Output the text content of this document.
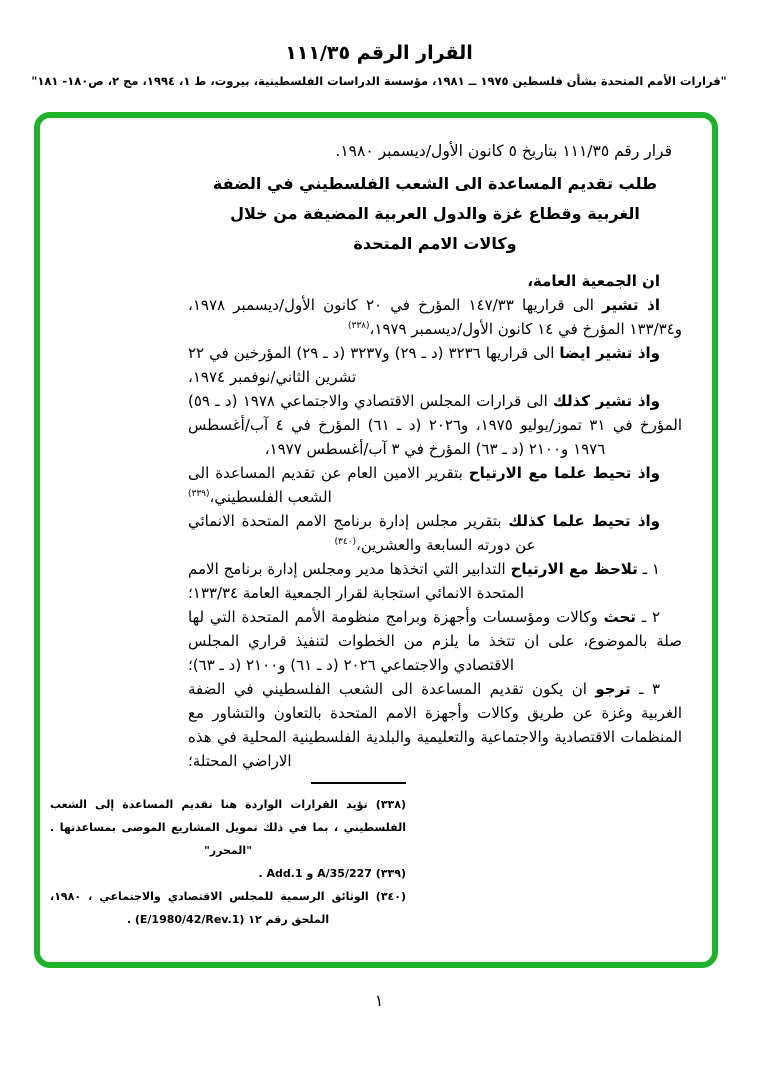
القرار الرقم ١١١/٣٥
"قرارات الأمم المتحدة بشأن فلسطين ١٩٧٥ ــ ١٩٨١، مؤسسة الدراسات الفلسطينية، بيروت، ط ١، ١٩٩٤، مج ٢، ص١٨٠- ١٨١"

قرار رقم ١١١/٣٥ بتاريخ ٥ كانون الأول/ديسمبر ١٩٨٠.

طلب تقديم المساعدة الى الشعب الفلسطيني في الضفة الغربية وقطاع غزة والدول العربية المضيفة من خلال وكالات الامم المتحدة

ان الجمعية العامة،

اذ تشير الى قراريها ١٤٧/٣٣ المؤرخ في ٢٠ كانون الأول/ديسمبر ١٩٧٨، و١٣٣/٣٤ المؤرخ في ١٤ كانون الأول/ديسمبر ١٩٧٩،$^{(٣٣٨)}$

واذ تشير ايضا الى قراريها ٣٢٣٦ (د ـ ٢٩) و٣٢٣٧ (د ـ ٢٩) المؤرخين في ٢٢ تشرين الثاني/نوفمبر ١٩٧٤،

واذ تشير كذلك الى قرارات المجلس الاقتصادي والاجتماعي ١٩٧٨ (د ـ ٥٩) المؤرخ في ٣١ تموز/يوليو ١٩٧٥، و٢٠٢٦ (د ـ ٦١) المؤرخ في ٤ آب/أغسطس ١٩٧٦ و٢١٠٠ (د ـ ٦٣) المؤرخ في ٣ آب/أغسطس ١٩٧٧،

واذ تحيط علما مع الارتياح بتقرير الامين العام عن تقديم المساعدة الى الشعب الفلسطيني،$^{(٣٣٩)}$

واذ تحيط علما كذلك بتقرير مجلس إدارة برنامج الامم المتحدة الانمائي عن دورته السابعة والعشرين،$^{(٣٤٠)}$

١ ـ تلاحظ مع الارتياح التدابير التي اتخذها مدير ومجلس إدارة برنامج الامم المتحدة الانمائي استجابة لقرار الجمعية العامة ١٣٣/٣٤؛

٢ ـ تحث وكالات ومؤسسات وأجهزة وبرامج منظومة الأمم المتحدة التي لها صلة بالموضوع، على ان تتخذ ما يلزم من الخطوات لتنفيذ قراري المجلس الاقتصادي والاجتماعي ٢٠٢٦ (د ـ ٦١) و٢١٠٠ (د ـ ٦٣)؛

٣ ـ ترجو ان يكون تقديم المساعدة الى الشعب الفلسطيني في الضفة الغربية وغزة عن طريق وكالات وأجهزة الامم المتحدة بالتعاون والتشاور مع المنظمات الاقتصادية والاجتماعية والتعليمية والبلدية الفلسطينية المحلية في هذه الاراضي المحتلة؛

(٣٣٨) تؤيد القرارات الواردة هنا تقديم المساعدة إلى الشعب الفلسطيني ، بما في ذلك تمويل المشاريع الموصى بمساعدتها . "المحرر"

(٣٣٩) A/35/227 و Add.1 .

(٣٤٠) الوثائق الرسمية للمجلس الاقتصادي والاجتماعي ، ١٩٨٠، الملحق رقم ١٢ (E/1980/42/Rev.1) .

١
